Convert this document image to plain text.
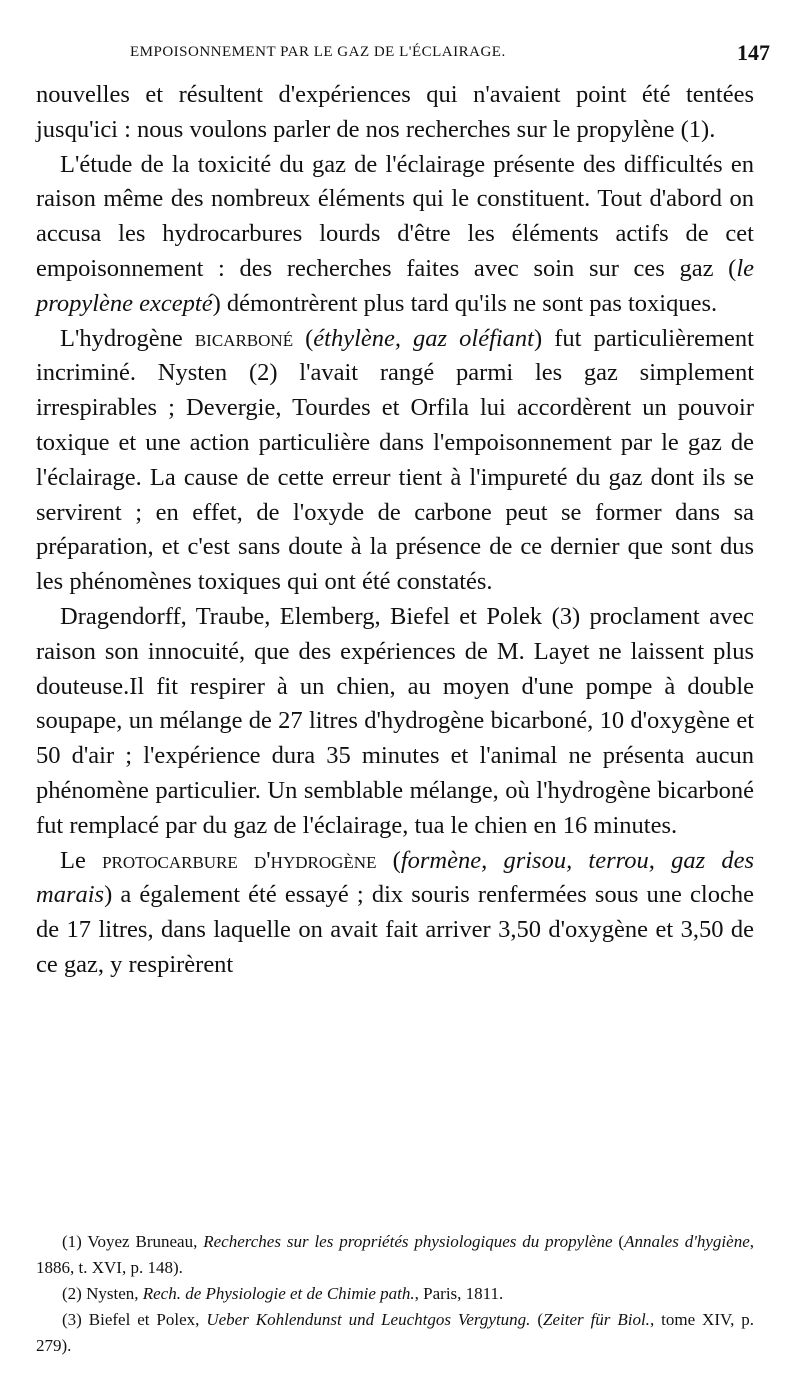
EMPOISONNEMENT PAR LE GAZ DE L'ÉCLAIRAGE.	147

nouvelles et résultent d'expériences qui n'avaient point été tentées jusqu'ici : nous voulons parler de nos recherches sur le propylène (1).

L'étude de la toxicité du gaz de l'éclairage présente des difficultés en raison même des nombreux éléments qui le constituent. Tout d'abord on accusa les hydrocarbures lourds d'être les éléments actifs de cet empoisonnement : des recherches faites avec soin sur ces gaz (le propylène excepté) démontrèrent plus tard qu'ils ne sont pas toxiques.

L'hydrogène bicarboné (éthylène, gaz oléfiant) fut particulièrement incriminé. Nysten (2) l'avait rangé parmi les gaz simplement irrespirables ; Devergie, Tourdes et Orfila lui accordèrent un pouvoir toxique et une action particulière dans l'empoisonnement par le gaz de l'éclairage. La cause de cette erreur tient à l'impureté du gaz dont ils se servirent ; en effet, de l'oxyde de carbone peut se former dans sa préparation, et c'est sans doute à la présence de ce dernier que sont dus les phénomènes toxiques qui ont été constatés.

Dragendorff, Traube, Elemberg, Biefel et Polek (3) proclament avec raison son innocuité, que des expériences de M. Layet ne laissent plus douteuse.Il fit respirer à un chien, au moyen d'une pompe à double soupape, un mélange de 27 litres d'hydrogène bicarboné, 10 d'oxygène et 50 d'air ; l'expérience dura 35 minutes et l'animal ne présenta aucun phénomène particulier. Un semblable mélange, où l'hydrogène bicarboné fut remplacé par du gaz de l'éclairage, tua le chien en 16 minutes.

Le protocarbure d'hydrogène (formène, grisou, terrou, gaz des marais) a également été essayé ; dix souris renfermées sous une cloche de 17 litres, dans laquelle on avait fait arriver 3,50 d'oxygène et 3,50 de ce gaz, y respirèrent

(1) Voyez Bruneau, Recherches sur les propriétés physiologiques du propylène (Annales d'hygiène, 1886, t. XVI, p. 148).

(2) Nysten, Rech. de Physiologie et de Chimie path., Paris, 1811.

(3) Biefel et Polex, Ueber Kohlendunst und Leuchtgos Vergytung. (Zeiter für Biol., tome XIV, p. 279).
